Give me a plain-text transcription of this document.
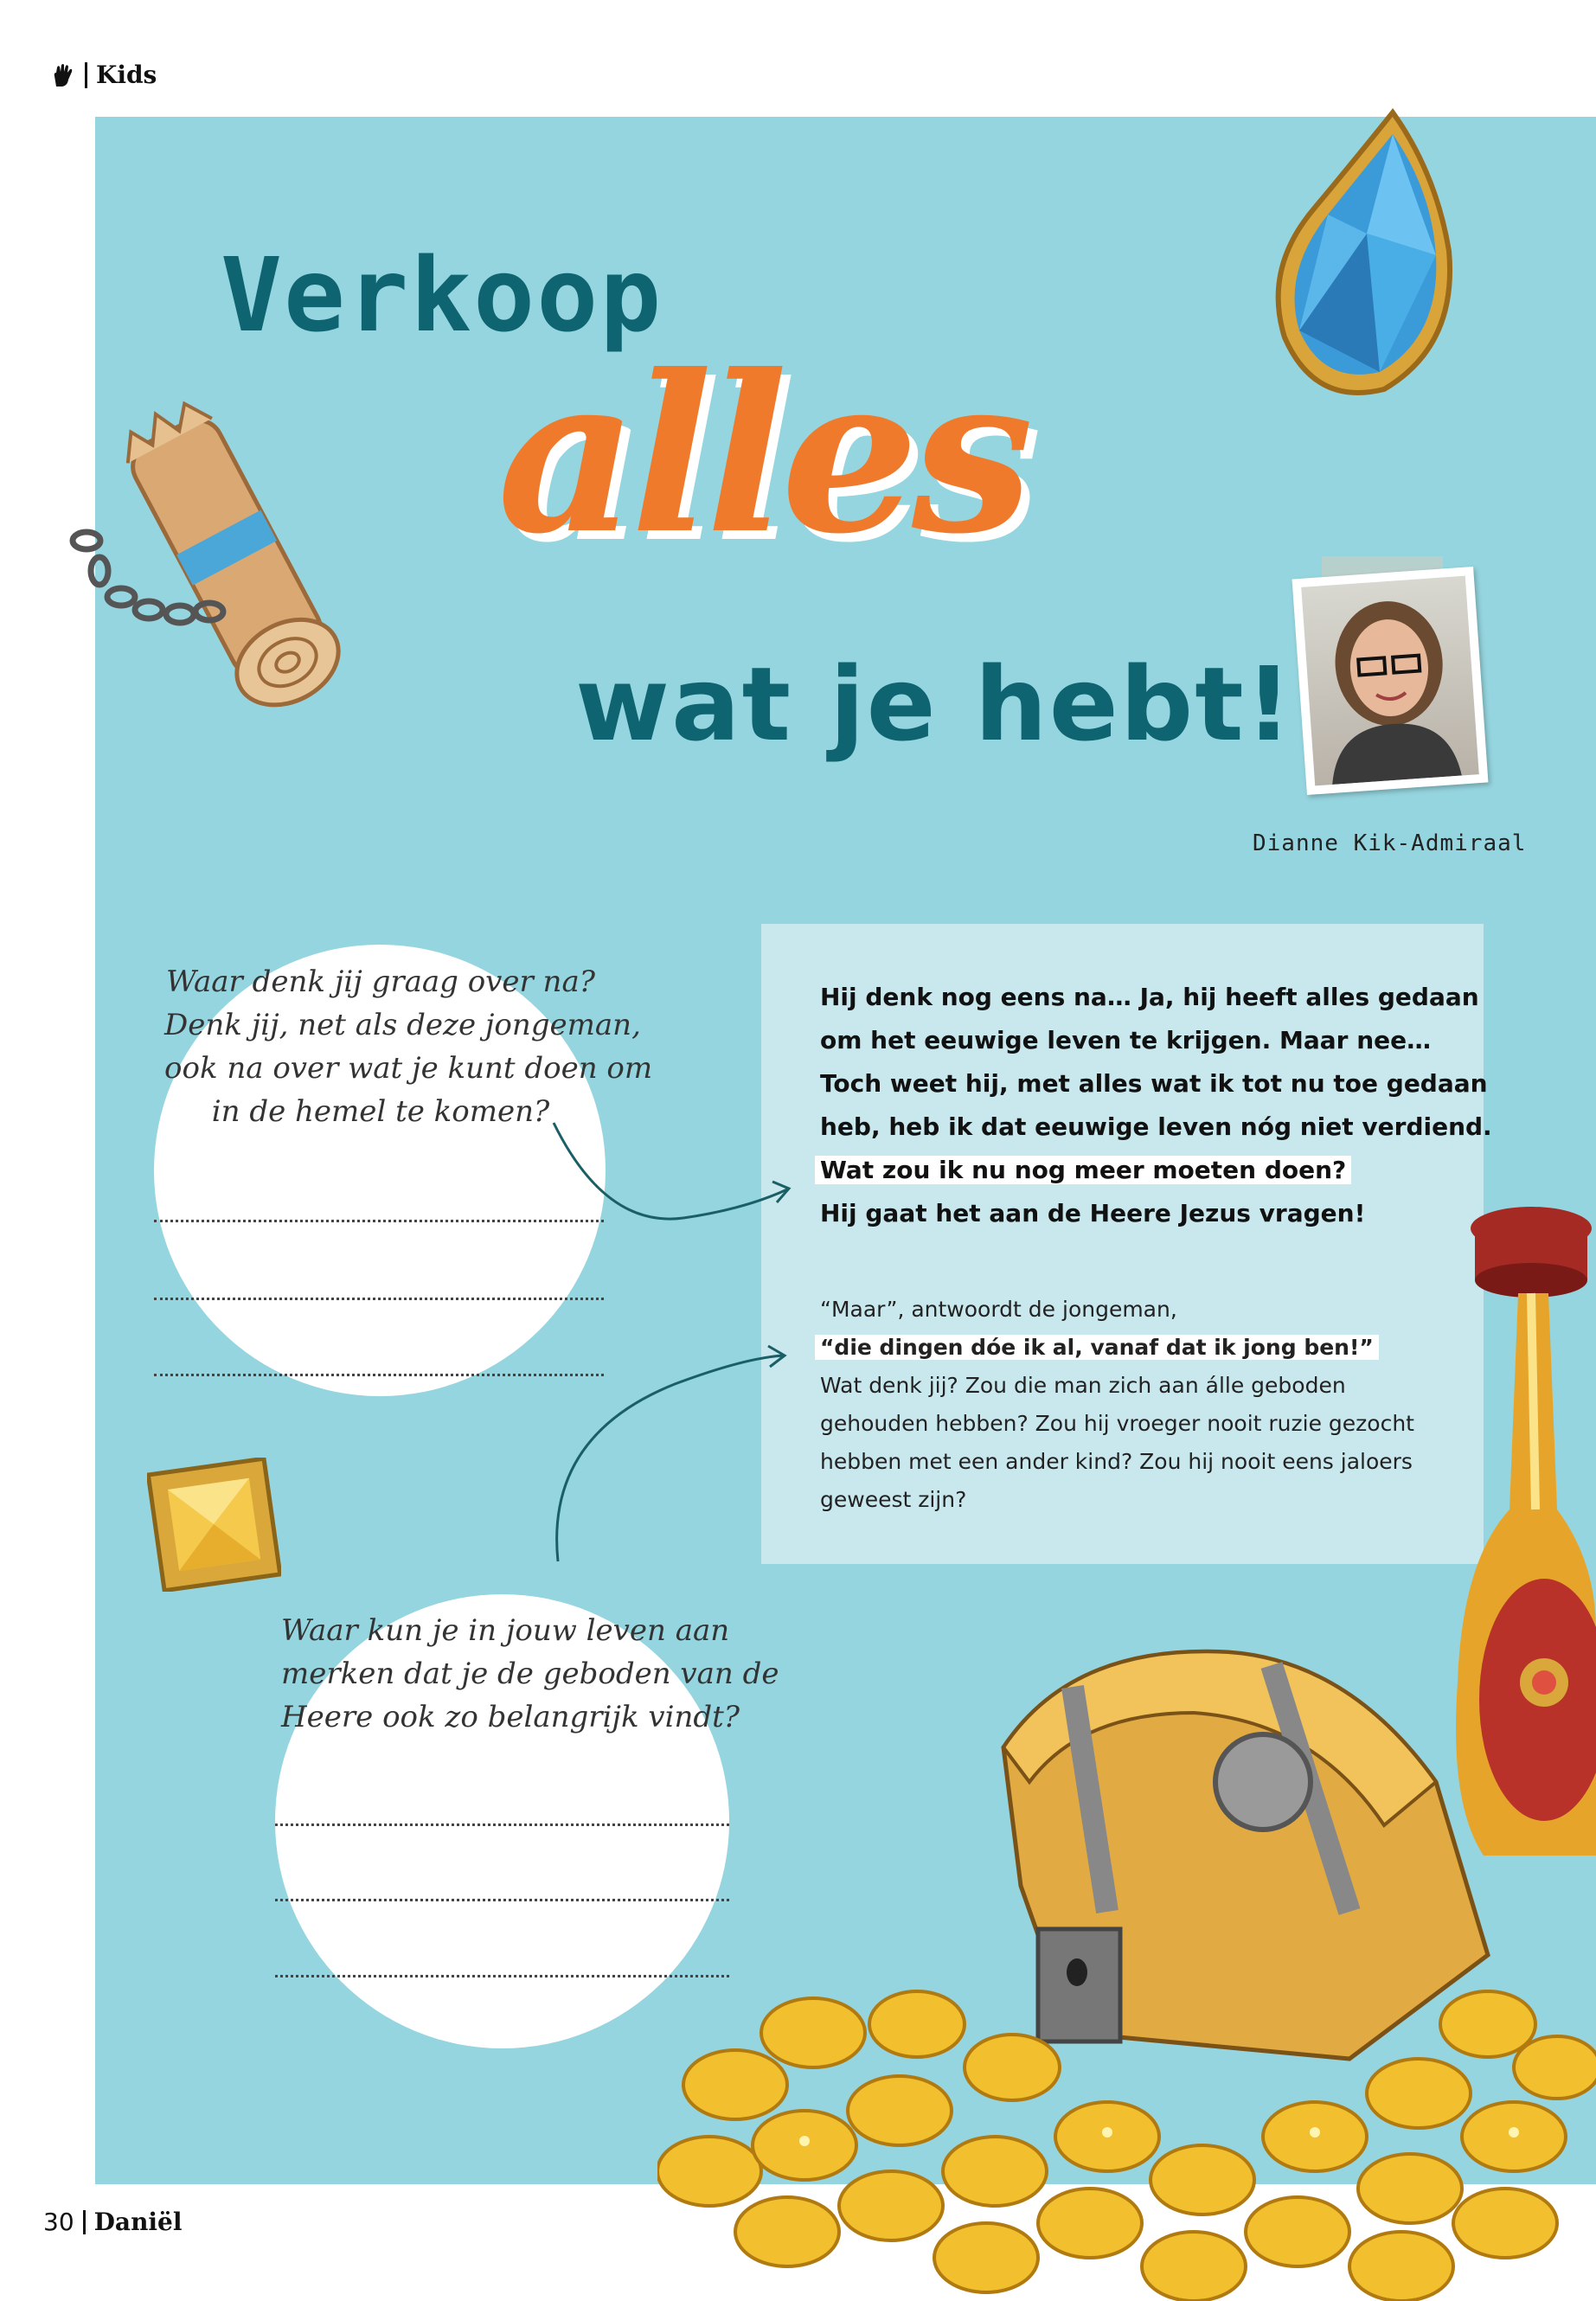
Kids
Verkoop
alles
wat je hebt!
Dianne Kik-Admiraal
Hij denk nog eens na… Ja, hij heeft alles gedaan
om het eeuwige leven te krijgen. Maar nee…
Toch weet hij, met alles wat ik tot nu toe gedaan
heb, heb ik dat eeuwige leven nóg niet verdiend.
Wat zou ik nu nog meer moeten doen?
Hij gaat het aan de Heere Jezus vragen!
“Maar”, antwoordt de jongeman,
“die dingen dóe ik al, vanaf dat ik jong ben!”
Wat denk jij? Zou die man zich aan álle geboden
gehouden hebben? Zou hij vroeger nooit ruzie gezocht
hebben met een ander kind? Zou hij nooit eens jaloers
geweest zijn?
Waar denk jij graag over na?
Denk jij, net als deze jongeman,
ook na over wat je kunt doen om
in de hemel te komen?
Waar kun je in jouw leven aan
merken dat je de geboden van de
Heere ook zo belangrijk vindt?
30 Daniël
